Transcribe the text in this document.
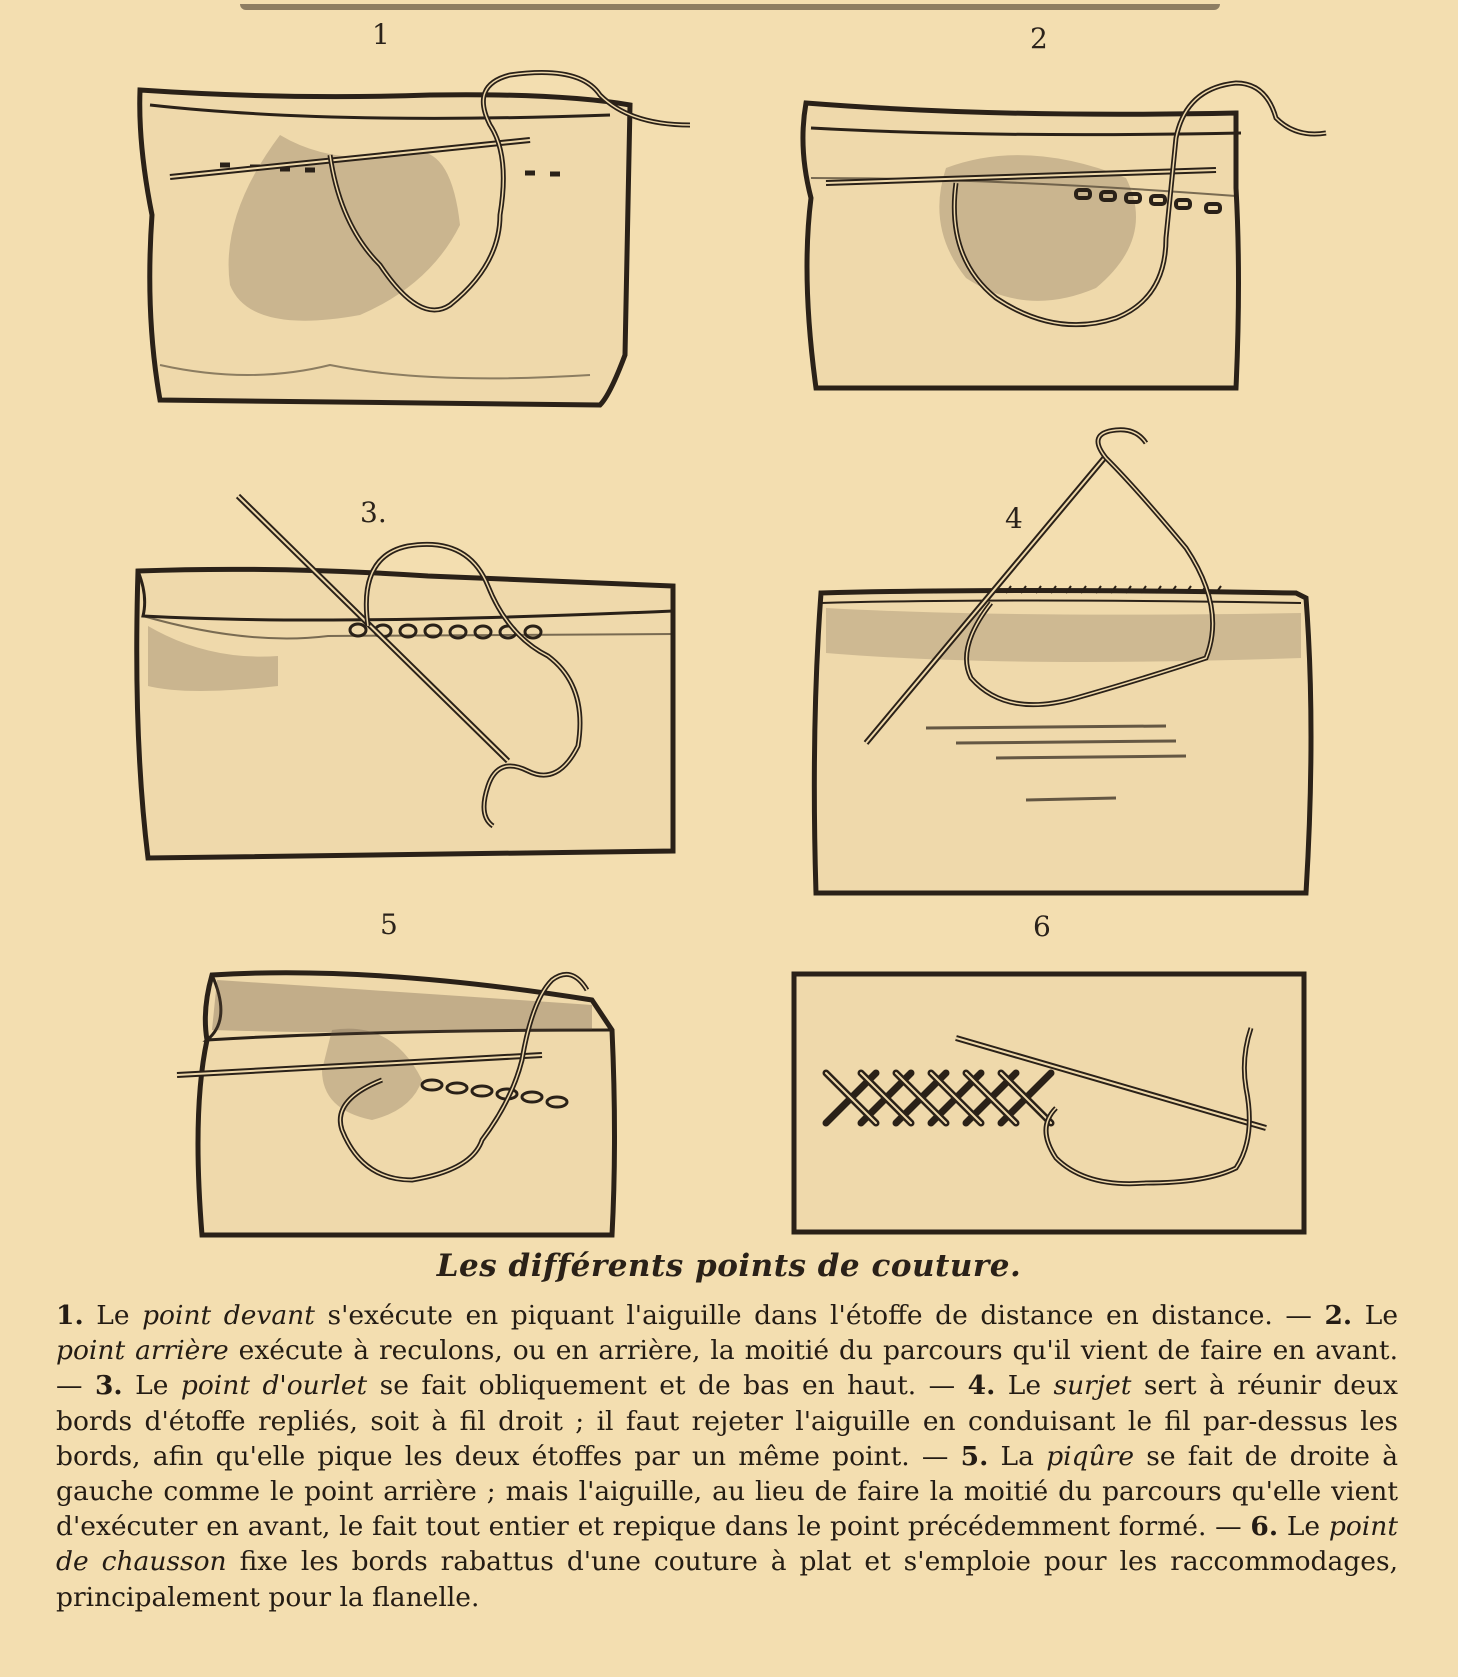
1	2
3.	4
5	6
Les différents points de couture.
1. Le point devant s'exécute en piquant l'aiguille dans l'étoffe de distance en distance. — 2. Le point arrière exécute à reculons, ou en arrière, la moitié du parcours qu'il vient de faire en avant. — 3. Le point d'ourlet se fait obliquement et de bas en haut. — 4. Le surjet sert à réunir deux bords d'étoffe repliés, soit à fil droit ; il faut rejeter l'aiguille en conduisant le fil par-dessus les bords, afin qu'elle pique les deux étoffes par un même point. — 5. La piqûre se fait de droite à gauche comme le point arrière ; mais l'aiguille, au lieu de faire la moitié du parcours qu'elle vient d'exécuter en avant, le fait tout entier et repique dans le point précédemment formé. — 6. Le point de chausson fixe les bords rabattus d'une couture à plat et s'emploie pour les raccommodages, principalement pour la flanelle.
